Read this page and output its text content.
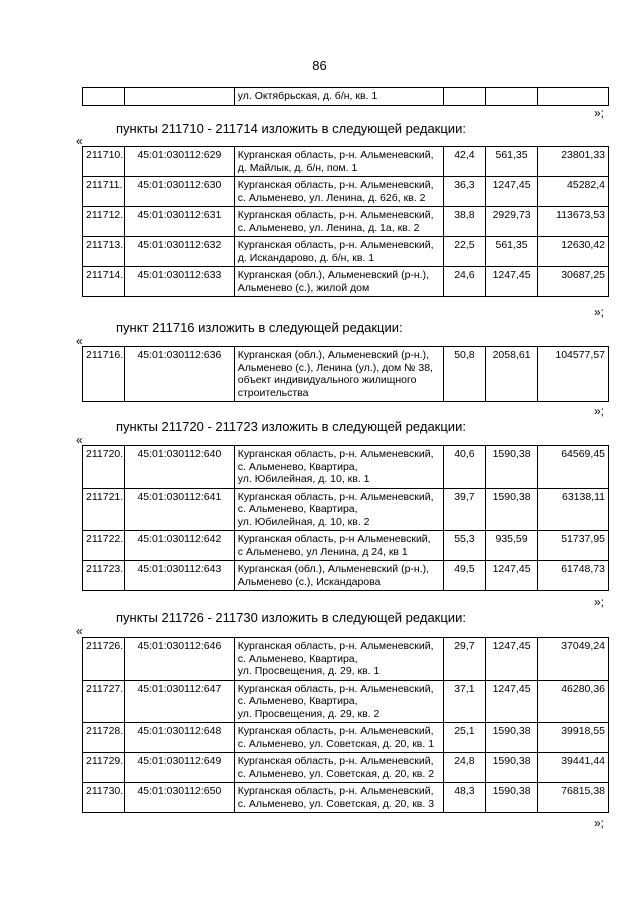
86
		ул. Октябрьская, д. б/н, кв. 1			
»;
пункты 211710 - 211714 изложить в следующей редакции:
«
211710.	45:01:030112:629	Курганская область, р-н. Альменевский,
д. Майлык, д. б/н, пом. 1	42,4	561,35	23801,33
211711.	45:01:030112:630	Курганская область, р-н. Альменевский,
с. Альменево, ул. Ленина, д. 62б, кв. 2	36,3	1247,45	45282,4
211712.	45:01:030112:631	Курганская область, р-н. Альменевский,
с. Альменево, ул. Ленина, д. 1а, кв. 2	38,8	2929,73	113673,53
211713.	45:01:030112:632	Курганская область, р-н. Альменевский,
д. Искандарово, д. б/н, кв. 1	22,5	561,35	12630,42
211714.	45:01:030112:633	Курганская (обл.), Альменевский (р-н.),
Альменево (с.), жилой дом	24,6	1247,45	30687,25
»;
пункт 211716 изложить в следующей редакции:
«
211716.	45:01:030112:636	Курганская (обл.), Альменевский (р-н.),
Альменево (с.), Ленина (ул.), дом № 38,
объект индивидуального жилищного
строительства
	50,8	2058,61	104577,57
»;
пункты 211720 - 211723 изложить в следующей редакции:
«
211720.	45:01:030112:640	Курганская область, р-н. Альменевский,
с. Альменево, Квартира,
ул. Юбилейная, д. 10, кв. 1	40,6	1590,38	64569,45
211721.	45:01:030112:641	Курганская область, р-н. Альменевский,
с. Альменево, Квартира,
ул. Юбилейная, д. 10, кв. 2	39,7	1590,38	63138,11
211722.	45:01:030112:642	Курганская область, р-н Альменевский,
с Альменево, ул Ленина, д 24, кв 1	55,3	935,59	51737,95
211723.	45:01:030112:643	Курганская (обл.), Альменевский (р-н.),
Альменево (с.), Искандарова	49,5	1247,45	61748,73
»;
пункты 211726 - 211730 изложить в следующей редакции:
«
211726.	45:01:030112:646	Курганская область, р-н. Альменевский,
с. Альменево, Квартира,
ул. Просвещения, д. 29, кв. 1	29,7	1247,45	37049,24
211727.	45:01:030112:647	Курганская область, р-н. Альменевский,
с. Альменево, Квартира,
ул. Просвещения, д. 29, кв. 2	37,1	1247,45	46280,36
211728.	45:01:030112:648	Курганская область, р-н. Альменевский,
с. Альменево, ул. Советская, д. 20, кв. 1	25,1	1590,38	39918,55
211729.	45:01:030112:649	Курганская область, р-н. Альменевский,
с. Альменево, ул. Советская, д. 20, кв. 2	24,8	1590,38	39441,44
211730.	45:01:030112:650	Курганская область, р-н. Альменевский,
с. Альменево, ул. Советская, д. 20, кв. 3	48,3	1590,38	76815,38
»;
